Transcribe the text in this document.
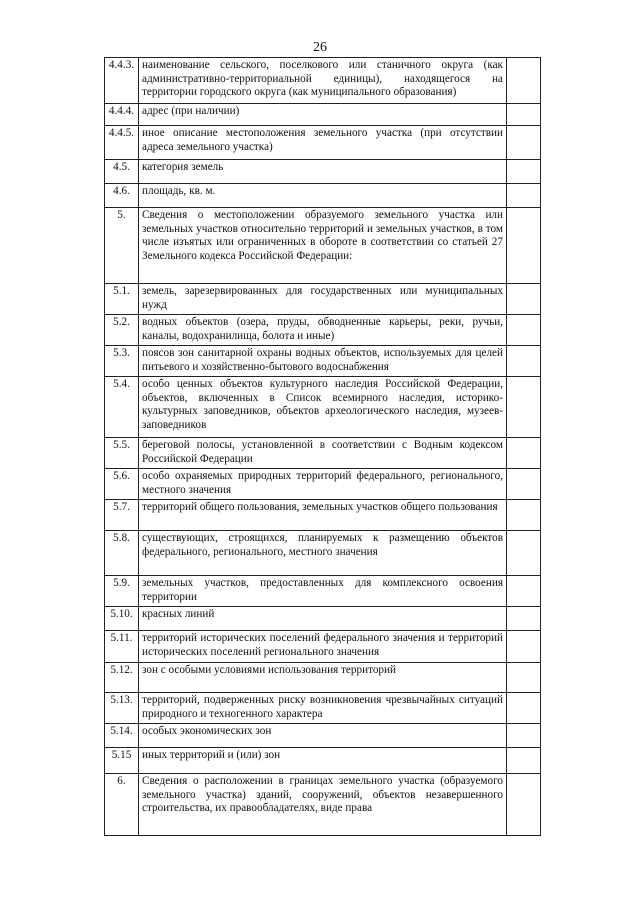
26
4.4.3.	наименование сельского, поселкового или станичного округа (как административно-территориальной единицы), находящегося на территории городского округа (как муниципального образования)	
4.4.4.	адрес (при наличии)	
4.4.5.	иное описание местоположения земельного участка (при отсутствии адреса земельного участка)	
4.5.	категория земель	
4.6.	площадь, кв. м.	
5.	Сведения о местоположении образуемого земельного участка или земельных участков относительно территорий и земельных участков, в том числе изъятых или ограниченных в обороте в соответствии со статьей 27 Земельного кодекса Российской Федерации:	
5.1.	земель, зарезервированных для государственных или муниципальных нужд	
5.2.	водных объектов (озера, пруды, обводненные карьеры, реки, ручьи, каналы, водохранилища, болота и иные)	
5.3.	поясов зон санитарной охраны водных объектов, используемых для целей питьевого и хозяйственно-бытового водоснабжения	
5.4.	особо ценных объектов культурного наследия Российской Федерации, объектов, включенных в Список всемирного наследия, историко-культурных заповедников, объектов археологического наследия, музеев-заповедников	
5.5.	береговой полосы, установленной в соответствии с Водным кодексом Российской Федерации	
5.6.	особо охраняемых природных территорий федерального, регионального, местного значения	
5.7.	территорий общего пользования, земельных участков общего пользования	
5.8.	существующих, строящихся, планируемых к размещению объектов федерального, регионального, местного значения	
5.9.	земельных участков, предоставленных для комплексного освоения территории	
5.10.	красных линий	
5.11.	территорий исторических поселений федерального значения и территорий исторических поселений регионального значения	
5.12.	зон с особыми условиями использования территорий	
5.13.	территорий, подверженных риску возникновения чрезвычайных ситуаций природного и техногенного характера	
5.14.	особых экономических зон	
5.15	иных территорий и (или) зон	
6.	Сведения о расположении в границах земельного участка (образуемого земельного участка) зданий, сооружений, объектов незавершенного строительства, их правообладателях, виде права	
